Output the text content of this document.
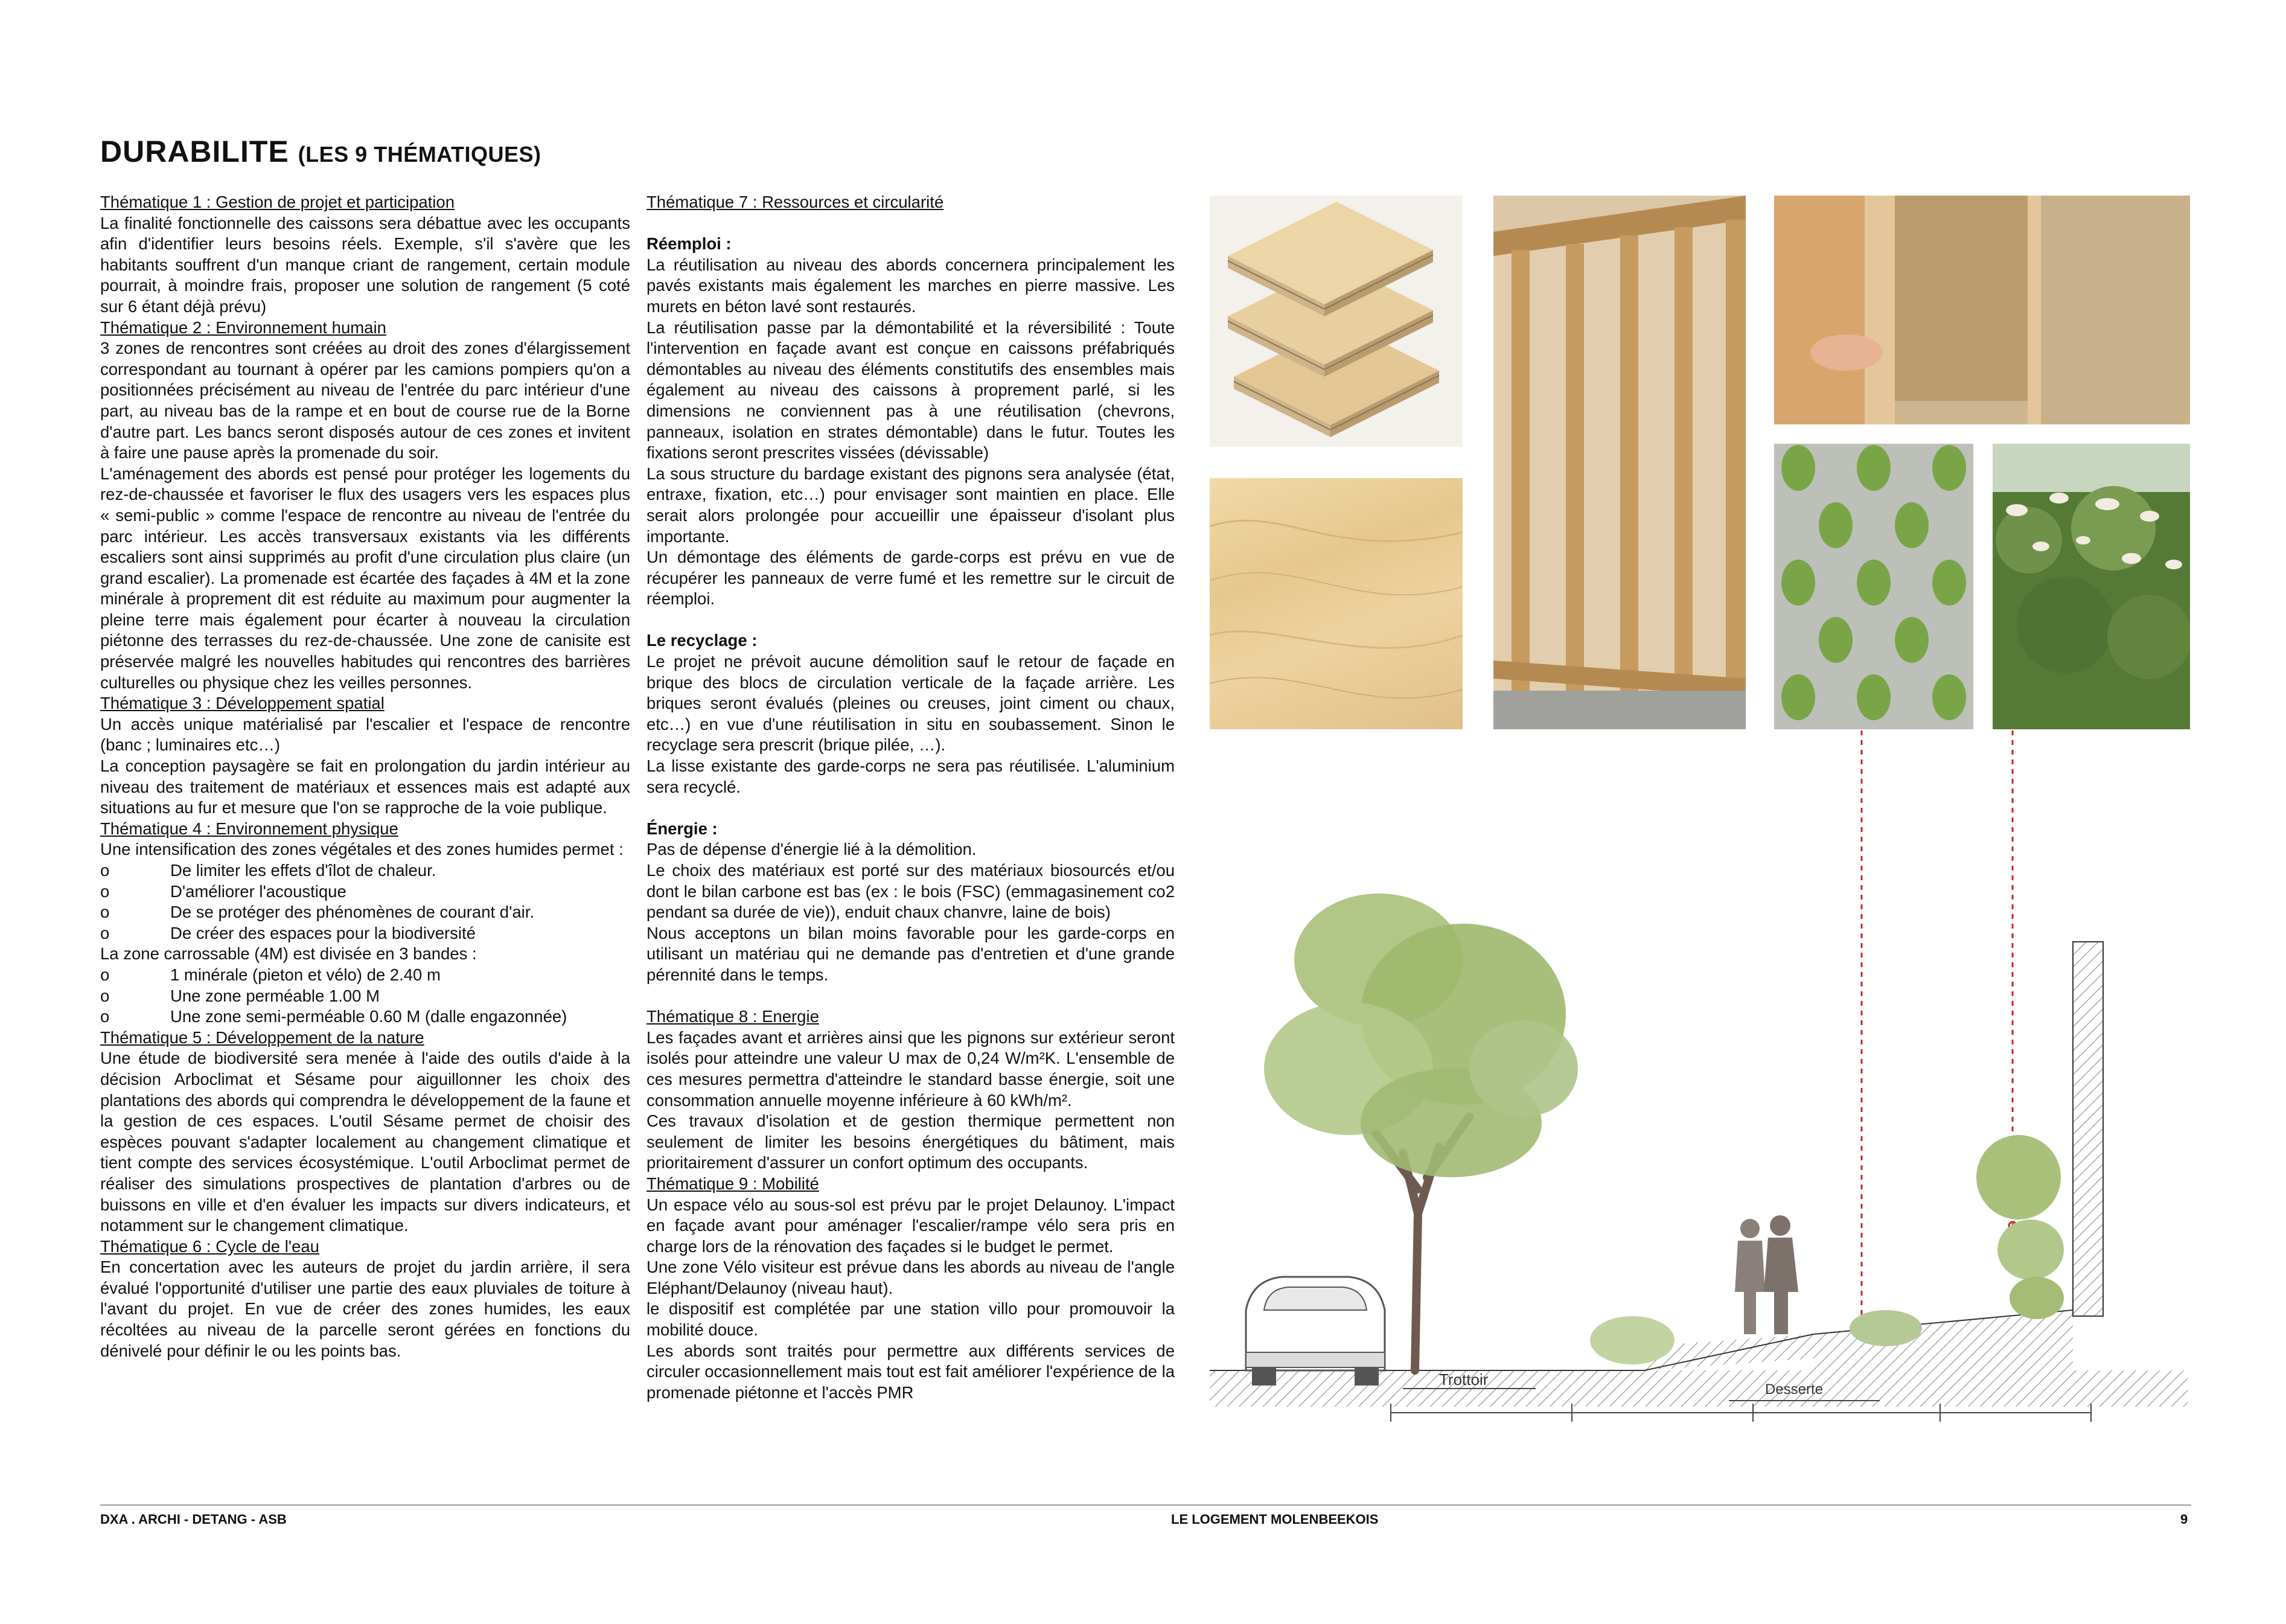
DURABILITE (LES 9 THÉMATIQUES)

Thématique 1 : Gestion de projet et participation

La finalité fonctionnelle des caissons sera débattue avec les occupants afin d'identifier leurs besoins réels. Exemple, s'il s'avère que les habitants souffrent d'un manque criant de rangement, certain module pourrait, à moindre frais, proposer une solution de rangement (5 coté sur 6 étant déjà prévu)

Thématique 2 : Environnement humain

3 zones de rencontres sont créées au droit des zones d'élargissement correspondant au tournant à opérer par les camions pompiers qu'on a positionnées précisément au niveau de l'entrée du parc intérieur d'une part, au niveau bas de la rampe et en bout de course rue de la Borne d'autre part. Les bancs seront disposés autour de ces zones et invitent à faire une pause après la promenade du soir.

L'aménagement des abords est pensé pour protéger les logements du rez-de-chaussée et favoriser le flux des usagers vers les espaces plus « semi-public » comme l'espace de rencontre au niveau de l'entrée du parc intérieur. Les accès transversaux existants via les différents escaliers sont ainsi supprimés au profit d'une circulation plus claire (un grand escalier). La promenade est écartée des façades à 4M et la zone minérale à proprement dit est réduite au maximum pour augmenter la pleine terre mais également pour écarter à nouveau la circulation piétonne des terrasses du rez-de-chaussée. Une zone de canisite est préservée malgré les nouvelles habitudes qui rencontres des barrières culturelles ou physique chez les veilles personnes.

Thématique 3 : Développement spatial

Un accès unique matérialisé par l'escalier et l'espace de rencontre (banc ; luminaires etc…)

La conception paysagère se fait en prolongation du jardin intérieur au niveau des traitement de matériaux et essences mais est adapté aux situations au fur et mesure que l'on se rapproche de la voie publique.

Thématique 4 : Environnement physique

Une intensification des zones végétales et des zones humides permet :

o	De limiter les effets d'îlot de chaleur.
o	D'améliorer l'acoustique
o	De se protéger des phénomènes de courant d'air.
o	De créer des espaces pour la biodiversité

La zone carrossable (4M) est divisée en 3 bandes :

o	1 minérale (pieton et vélo) de 2.40 m
o	Une zone perméable 1.00 M
o	Une zone semi-perméable 0.60 M (dalle engazonnée)

Thématique 5 : Développement de la nature

Une étude de biodiversité sera menée à l'aide des outils d'aide à la décision Arboclimat et Sésame pour aiguillonner les choix des plantations des abords qui comprendra le développement de la faune et la gestion de ces espaces. L'outil Sésame permet de choisir des espèces pouvant s'adapter localement au changement climatique et tient compte des services écosystémique. L'outil Arboclimat permet de réaliser des simulations prospectives de plantation d'arbres ou de buissons en ville et d'en évaluer les impacts sur divers indicateurs, et notamment sur le changement climatique.

Thématique 6 : Cycle de l'eau

En concertation avec les auteurs de projet du jardin arrière, il sera évalué l'opportunité d'utiliser une partie des eaux pluviales de toiture à l'avant du projet. En vue de créer des zones humides, les eaux récoltées au niveau de la parcelle seront gérées en fonctions du dénivelé pour définir le ou les points bas.

Thématique 7 : Ressources et circularité

Réemploi :

La réutilisation au niveau des abords concernera principalement les pavés existants mais également les marches en pierre massive. Les murets en béton lavé sont restaurés.

La réutilisation passe par la démontabilité et la réversibilité : Toute l'intervention en façade avant est conçue en caissons préfabriqués démontables au niveau des éléments constitutifs des ensembles mais également au niveau des caissons à proprement parlé, si les dimensions ne conviennent pas à une réutilisation (chevrons, panneaux, isolation en strates démontable) dans le futur. Toutes les fixations seront prescrites vissées (dévissable)

La sous structure du bardage existant des pignons sera analysée (état, entraxe, fixation, etc…) pour envisager sont maintien en place. Elle serait alors prolongée pour accueillir une épaisseur d'isolant plus importante.

Un démontage des éléments de garde-corps est prévu en vue de récupérer les panneaux de verre fumé et les remettre sur le circuit de réemploi.

Le recyclage :

Le projet ne prévoit aucune démolition sauf le retour de façade en brique des blocs de circulation verticale de la façade arrière. Les briques seront évalués (pleines ou creuses, joint ciment ou chaux, etc…) en vue d'une réutilisation in situ en soubassement. Sinon le recyclage sera prescrit (brique pilée, …).

La lisse existante des garde-corps ne sera pas réutilisée. L'aluminium sera recyclé.

Énergie :

Pas de dépense d'énergie lié à la démolition.

Le choix des matériaux est porté sur des matériaux biosourcés et/ou dont le bilan carbone est bas (ex : le bois (FSC) (emmagasinement co2 pendant sa durée de vie)), enduit chaux chanvre, laine de bois)

Nous acceptons un bilan moins favorable pour les garde-corps en utilisant un matériau qui ne demande pas d'entretien et d'une grande pérennité dans le temps.

Thématique 8 : Energie

Les façades avant et arrières ainsi que les pignons sur extérieur seront isolés pour atteindre une valeur U max de 0,24 W/m²K. L'ensemble de ces mesures permettra d'atteindre le standard basse énergie, soit une consommation annuelle moyenne inférieure à 60 kWh/m².

Ces travaux d'isolation et de gestion thermique permettent non seulement de limiter les besoins énergétiques du bâtiment, mais prioritairement d'assurer un confort optimum des occupants.

Thématique 9 : Mobilité

Un espace vélo au sous-sol est prévu par le projet Delaunoy. L'impact en façade avant pour aménager l'escalier/rampe vélo sera pris en charge lors de la rénovation des façades si le budget le permet.

Une zone Vélo visiteur est prévue dans les abords au niveau de l'angle Eléphant/Delaunoy (niveau haut).

le dispositif est complétée par une station villo pour promouvoir la mobilité douce.

Les abords sont traités pour permettre aux différents services de circuler occasionnellement mais tout est fait améliorer l'expérience de la promenade piétonne et l'accès PMR

Trottoir
Desserte
DXA . ARCHI - DETANG - ASB	LE LOGEMENT MOLENBEEKOIS	9
